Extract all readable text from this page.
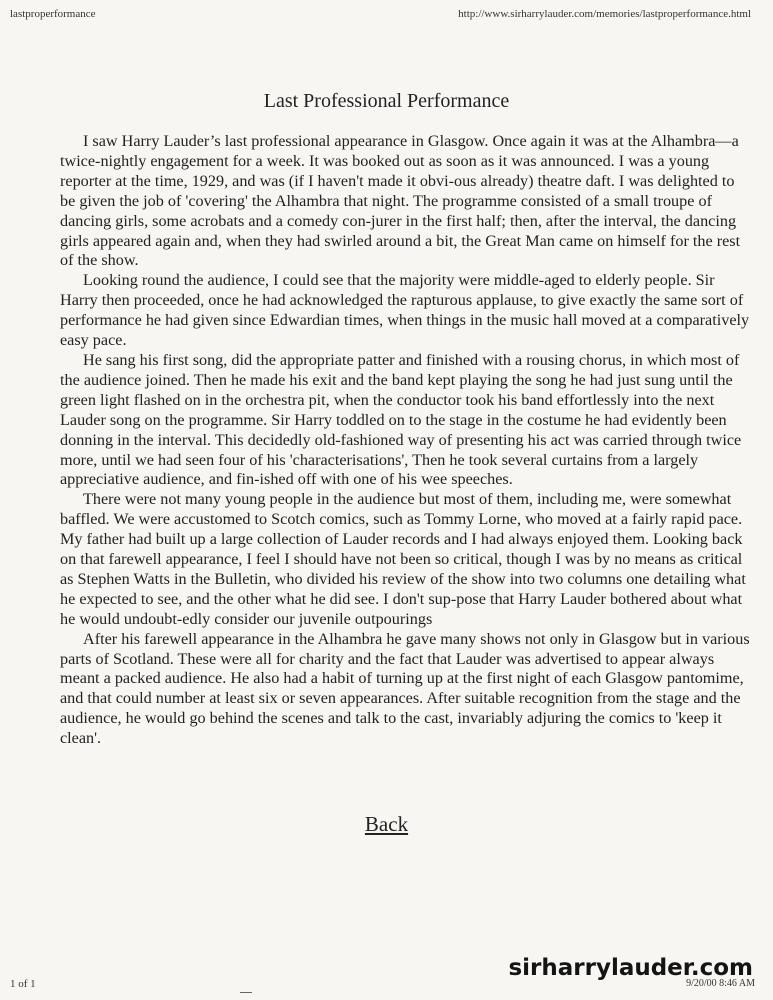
lastproperformance	http://www.sirharrylauder.com/memories/lastproperformance.html
Last Professional Performance

I saw Harry Lauder’s last professional appearance in Glasgow. Once again it was at the Alhambra—a twice-nightly engagement for a week. It was booked out as soon as it was announced. I was a young reporter at the time, 1929, and was (if I haven't made it obvi-ous already) theatre daft. I was delighted to be given the job of 'covering' the Alhambra that night. The programme consisted of a small troupe of dancing girls, some acrobats and a comedy con-jurer in the first half; then, after the interval, the dancing girls appeared again and, when they had swirled around a bit, the Great Man came on himself for the rest of the show.

Looking round the audience, I could see that the majority were middle-aged to elderly people. Sir Harry then proceeded, once he had acknowledged the rapturous applause, to give exactly the same sort of performance he had given since Edwardian times, when things in the music hall moved at a comparatively easy pace.

He sang his first song, did the appropriate patter and finished with a rousing chorus, in which most of the audience joined. Then he made his exit and the band kept playing the song he had just sung until the green light flashed on in the orchestra pit, when the conductor took his band effortlessly into the next Lauder song on the programme. Sir Harry toddled on to the stage in the costume he had evidently been donning in the interval. This decidedly old-fashioned way of presenting his act was carried through twice more, until we had seen four of his 'characterisations', Then he took several curtains from a largely appreciative audience, and fin-ished off with one of his wee speeches.

There were not many young people in the audience but most of them, including me, were somewhat baffled. We were accustomed to Scotch comics, such as Tommy Lorne, who moved at a fairly rapid pace. My father had built up a large collection of Lauder records and I had always enjoyed them. Looking back on that farewell appearance, I feel I should have not been so critical, though I was by no means as critical as Stephen Watts in the Bulletin, who divided his review of the show into two columns one detailing what he expected to see, and the other what he did see. I don't sup-pose that Harry Lauder bothered about what he would undoubt-edly consider our juvenile outpourings

After his farewell appearance in the Alhambra he gave many shows not only in Glasgow but in various parts of Scotland. These were all for charity and the fact that Lauder was advertised to appear always meant a packed audience. He also had a habit of turning up at the first night of each Glasgow pantomime, and that could number at least six or seven appearances. After suitable recognition from the stage and the audience, he would go behind the scenes and talk to the cast, invariably adjuring the comics to 'keep it clean'.

Back
1 of 1
sirharrylauder.com
9/20/00 8:46 AM
